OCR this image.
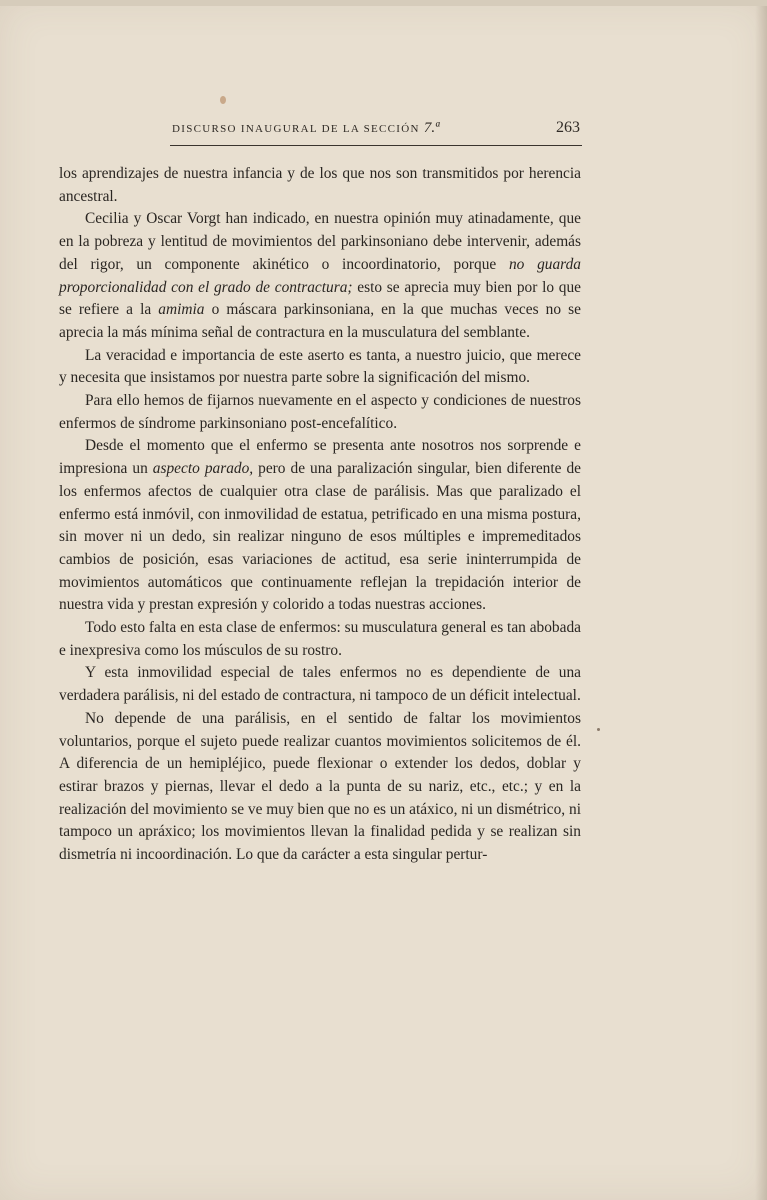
DISCURSO INAUGURAL DE LA SECCIÓN 7.ª	263

los aprendizajes de nuestra infancia y de los que nos son transmitidos por herencia ancestral.

Cecilia y Oscar Vorgt han indicado, en nuestra opinión muy atinadamente, que en la pobreza y lentitud de movimientos del parkinsoniano debe intervenir, además del rigor, un componente akinético o incoordinatorio, porque no guarda proporcionalidad con el grado de contractura; esto se aprecia muy bien por lo que se refiere a la amimia o máscara parkinsoniana, en la que muchas veces no se aprecia la más mínima señal de contractura en la musculatura del semblante.

La veracidad e importancia de este aserto es tanta, a nuestro juicio, que merece y necesita que insistamos por nuestra parte sobre la significación del mismo.

Para ello hemos de fijarnos nuevamente en el aspecto y condiciones de nuestros enfermos de síndrome parkinsoniano post-encefalítico.

Desde el momento que el enfermo se presenta ante nosotros nos sorprende e impresiona un aspecto parado, pero de una paralización singular, bien diferente de los enfermos afectos de cualquier otra clase de parálisis. Mas que paralizado el enfermo está inmóvil, con inmovilidad de estatua, petrificado en una misma postura, sin mover ni un dedo, sin realizar ninguno de esos múltiples e impremeditados cambios de posición, esas variaciones de actitud, esa serie ininterrumpida de movimientos automáticos que continuamente reflejan la trepidación interior de nuestra vida y prestan expresión y colorido a todas nuestras acciones.

Todo esto falta en esta clase de enfermos: su musculatura general es tan abobada e inexpresiva como los músculos de su rostro.

Y esta inmovilidad especial de tales enfermos no es dependiente de una verdadera parálisis, ni del estado de contractura, ni tampoco de un déficit intelectual.

No depende de una parálisis, en el sentido de faltar los movimientos voluntarios, porque el sujeto puede realizar cuantos movimientos solicitemos de él. A diferencia de un hemipléjico, puede flexionar o extender los dedos, doblar y estirar brazos y piernas, llevar el dedo a la punta de su nariz, etc., etc.; y en la realización del movimiento se ve muy bien que no es un atáxico, ni un dismétrico, ni tampoco un apráxico; los movimientos llevan la finalidad pedida y se realizan sin dismetría ni incoordinación. Lo que da carácter a esta singular pertur-
